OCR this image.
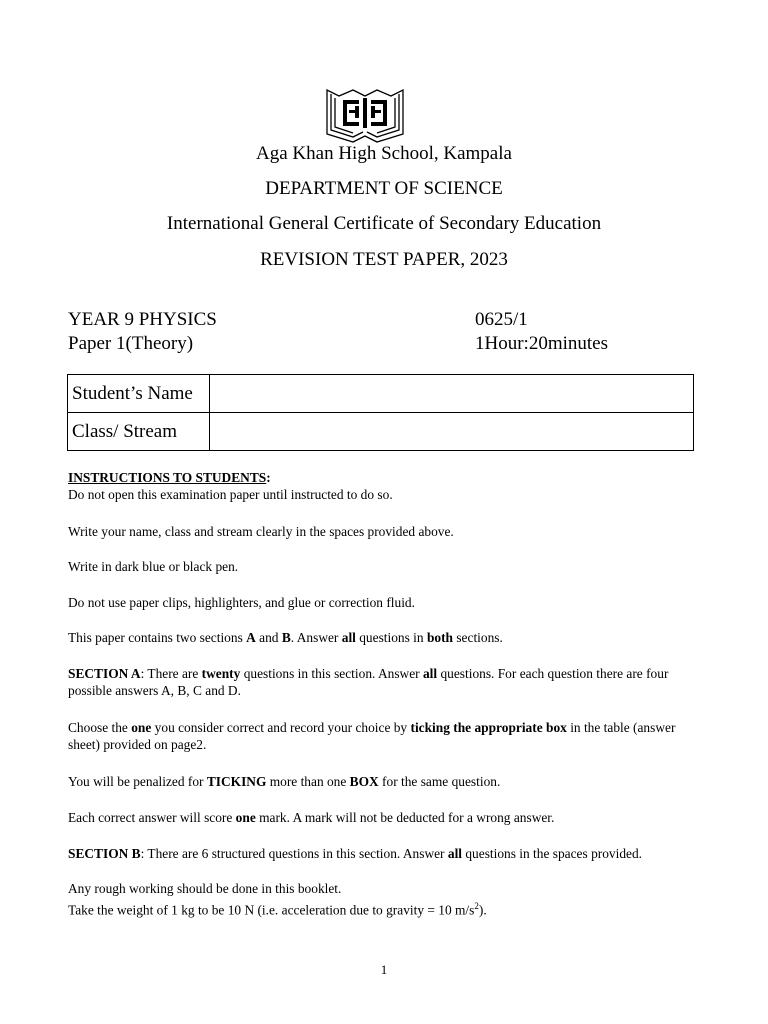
Aga Khan High School, Kampala
DEPARTMENT OF SCIENCE
International General Certificate of Secondary Education
REVISION TEST PAPER, 2023
YEAR 9 PHYSICS	0625/1
Paper 1(Theory)	1Hour:20minutes
Student’s Name	
Class/ Stream	

INSTRUCTIONS TO STUDENTS:

Do not open this examination paper until instructed to do so.

Write your name, class and stream clearly in the spaces provided above.

Write in dark blue or black pen.

Do not use paper clips, highlighters, and glue or correction fluid.

This paper contains two sections A and B. Answer all questions in both sections.

SECTION A: There are twenty questions in this section. Answer all questions. For each question there are four possible answers A, B, C and D.

Choose the one you consider correct and record your choice by ticking the appropriate box in the table (answer sheet) provided on page2.

You will be penalized for TICKING more than one BOX for the same question.

Each correct answer will score one mark. A mark will not be deducted for a wrong answer.

SECTION B: There are 6 structured questions in this section. Answer all questions in the spaces provided.

Any rough working should be done in this booklet.

Take the weight of 1 kg to be 10 N (i.e. acceleration due to gravity = 10 $m/s^2$).

1
